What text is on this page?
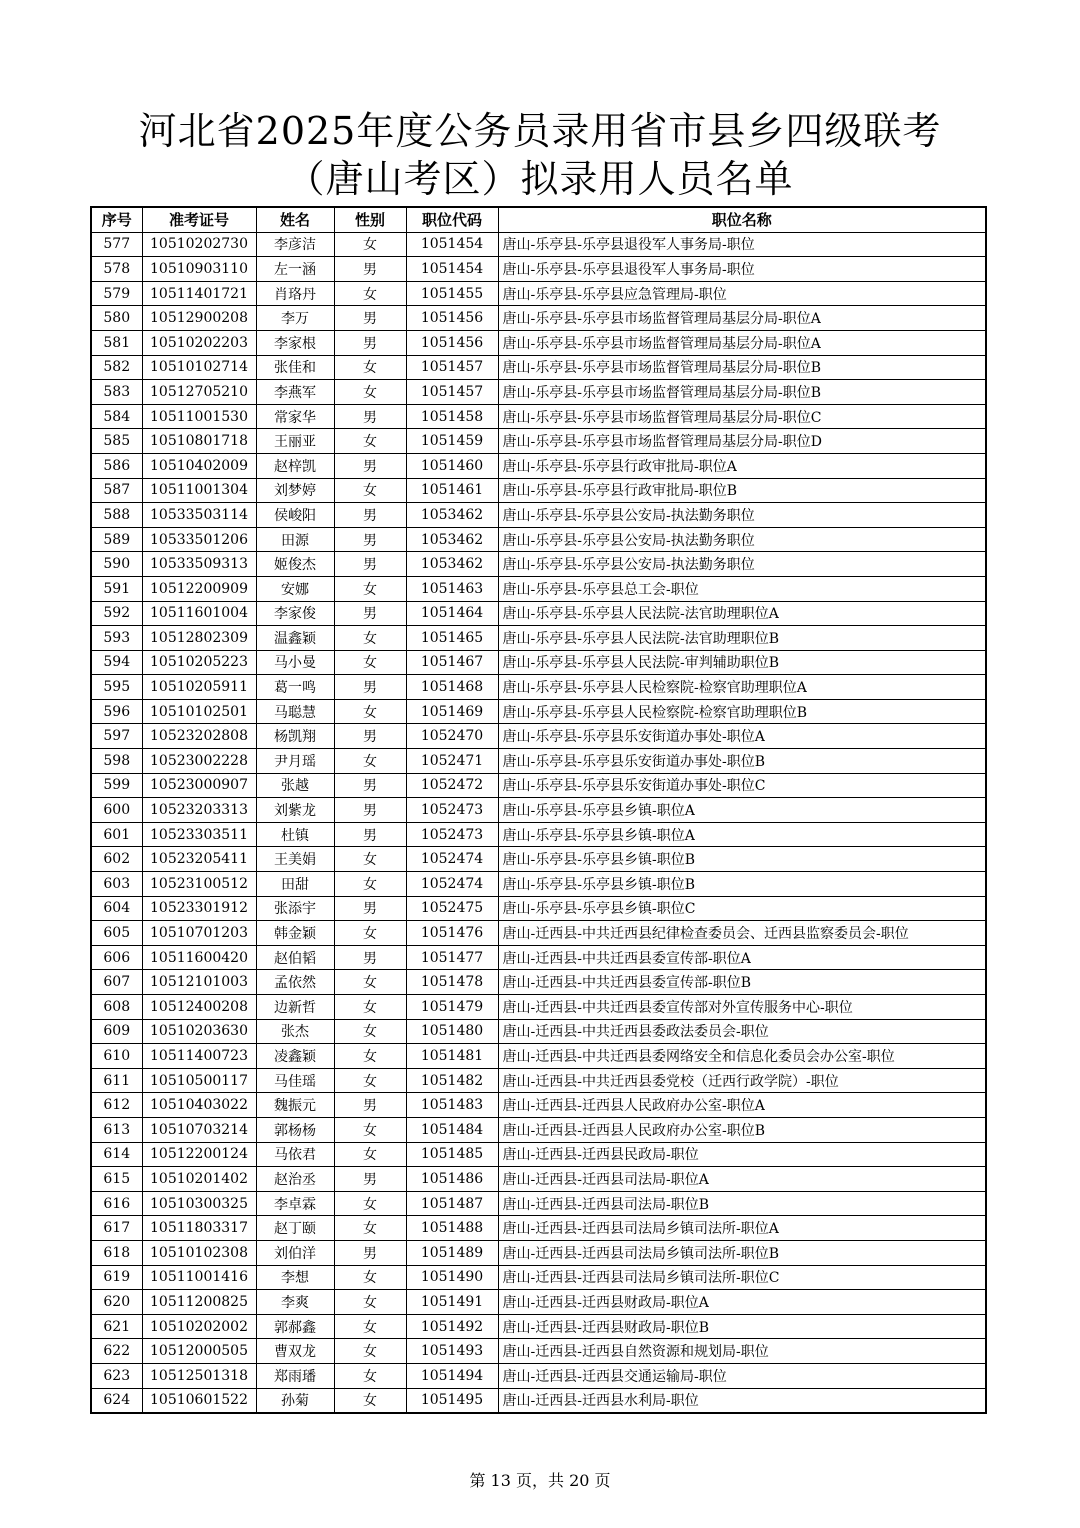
河北省2025年度公务员录用省市县乡四级联考
（唐山考区）拟录用人员名单
序号	准考证号	姓名	性别	职位代码	职位名称
577	10510202730	李彦洁	女	1051454	唐山-乐亭县-乐亭县退役军人事务局-职位
578	10510903110	左一涵	男	1051454	唐山-乐亭县-乐亭县退役军人事务局-职位
579	10511401721	肖珞丹	女	1051455	唐山-乐亭县-乐亭县应急管理局-职位
580	10512900208	李万	男	1051456	唐山-乐亭县-乐亭县市场监督管理局基层分局-职位A
581	10510202203	李家根	男	1051456	唐山-乐亭县-乐亭县市场监督管理局基层分局-职位A
582	10510102714	张佳和	女	1051457	唐山-乐亭县-乐亭县市场监督管理局基层分局-职位B
583	10512705210	李燕军	女	1051457	唐山-乐亭县-乐亭县市场监督管理局基层分局-职位B
584	10511001530	常家华	男	1051458	唐山-乐亭县-乐亭县市场监督管理局基层分局-职位C
585	10510801718	王丽亚	女	1051459	唐山-乐亭县-乐亭县市场监督管理局基层分局-职位D
586	10510402009	赵梓凯	男	1051460	唐山-乐亭县-乐亭县行政审批局-职位A
587	10511001304	刘梦婷	女	1051461	唐山-乐亭县-乐亭县行政审批局-职位B
588	10533503114	侯峻阳	男	1053462	唐山-乐亭县-乐亭县公安局-执法勤务职位
589	10533501206	田源	男	1053462	唐山-乐亭县-乐亭县公安局-执法勤务职位
590	10533509313	姬俊杰	男	1053462	唐山-乐亭县-乐亭县公安局-执法勤务职位
591	10512200909	安娜	女	1051463	唐山-乐亭县-乐亭县总工会-职位
592	10511601004	李家俊	男	1051464	唐山-乐亭县-乐亭县人民法院-法官助理职位A
593	10512802309	温鑫颖	女	1051465	唐山-乐亭县-乐亭县人民法院-法官助理职位B
594	10510205223	马小曼	女	1051467	唐山-乐亭县-乐亭县人民法院-审判辅助职位B
595	10510205911	葛一鸣	男	1051468	唐山-乐亭县-乐亭县人民检察院-检察官助理职位A
596	10510102501	马聪慧	女	1051469	唐山-乐亭县-乐亭县人民检察院-检察官助理职位B
597	10523202808	杨凯翔	男	1052470	唐山-乐亭县-乐亭县乐安街道办事处-职位A
598	10523002228	尹月瑶	女	1052471	唐山-乐亭县-乐亭县乐安街道办事处-职位B
599	10523000907	张越	男	1052472	唐山-乐亭县-乐亭县乐安街道办事处-职位C
600	10523203313	刘紫龙	男	1052473	唐山-乐亭县-乐亭县乡镇-职位A
601	10523303511	杜镇	男	1052473	唐山-乐亭县-乐亭县乡镇-职位A
602	10523205411	王美娟	女	1052474	唐山-乐亭县-乐亭县乡镇-职位B
603	10523100512	田甜	女	1052474	唐山-乐亭县-乐亭县乡镇-职位B
604	10523301912	张添宇	男	1052475	唐山-乐亭县-乐亭县乡镇-职位C
605	10510701203	韩金颖	女	1051476	唐山-迁西县-中共迁西县纪律检查委员会、迁西县监察委员会-职位
606	10511600420	赵伯韬	男	1051477	唐山-迁西县-中共迁西县委宣传部-职位A
607	10512101003	孟依然	女	1051478	唐山-迁西县-中共迁西县委宣传部-职位B
608	10512400208	边新哲	女	1051479	唐山-迁西县-中共迁西县委宣传部对外宣传服务中心-职位
609	10510203630	张杰	女	1051480	唐山-迁西县-中共迁西县委政法委员会-职位
610	10511400723	凌鑫颖	女	1051481	唐山-迁西县-中共迁西县委网络安全和信息化委员会办公室-职位
611	10510500117	马佳瑶	女	1051482	唐山-迁西县-中共迁西县委党校（迁西行政学院）-职位
612	10510403022	魏振元	男	1051483	唐山-迁西县-迁西县人民政府办公室-职位A
613	10510703214	郭杨杨	女	1051484	唐山-迁西县-迁西县人民政府办公室-职位B
614	10512200124	马依君	女	1051485	唐山-迁西县-迁西县民政局-职位
615	10510201402	赵治丞	男	1051486	唐山-迁西县-迁西县司法局-职位A
616	10510300325	李卓霖	女	1051487	唐山-迁西县-迁西县司法局-职位B
617	10511803317	赵丁颐	女	1051488	唐山-迁西县-迁西县司法局乡镇司法所-职位A
618	10510102308	刘伯洋	男	1051489	唐山-迁西县-迁西县司法局乡镇司法所-职位B
619	10511001416	李想	女	1051490	唐山-迁西县-迁西县司法局乡镇司法所-职位C
620	10511200825	李爽	女	1051491	唐山-迁西县-迁西县财政局-职位A
621	10510202002	郭郝鑫	女	1051492	唐山-迁西县-迁西县财政局-职位B
622	10512000505	曹双龙	女	1051493	唐山-迁西县-迁西县自然资源和规划局-职位
623	10512501318	郑雨璠	女	1051494	唐山-迁西县-迁西县交通运输局-职位
624	10510601522	孙菊	女	1051495	唐山-迁西县-迁西县水利局-职位
第 13 页，共 20 页
